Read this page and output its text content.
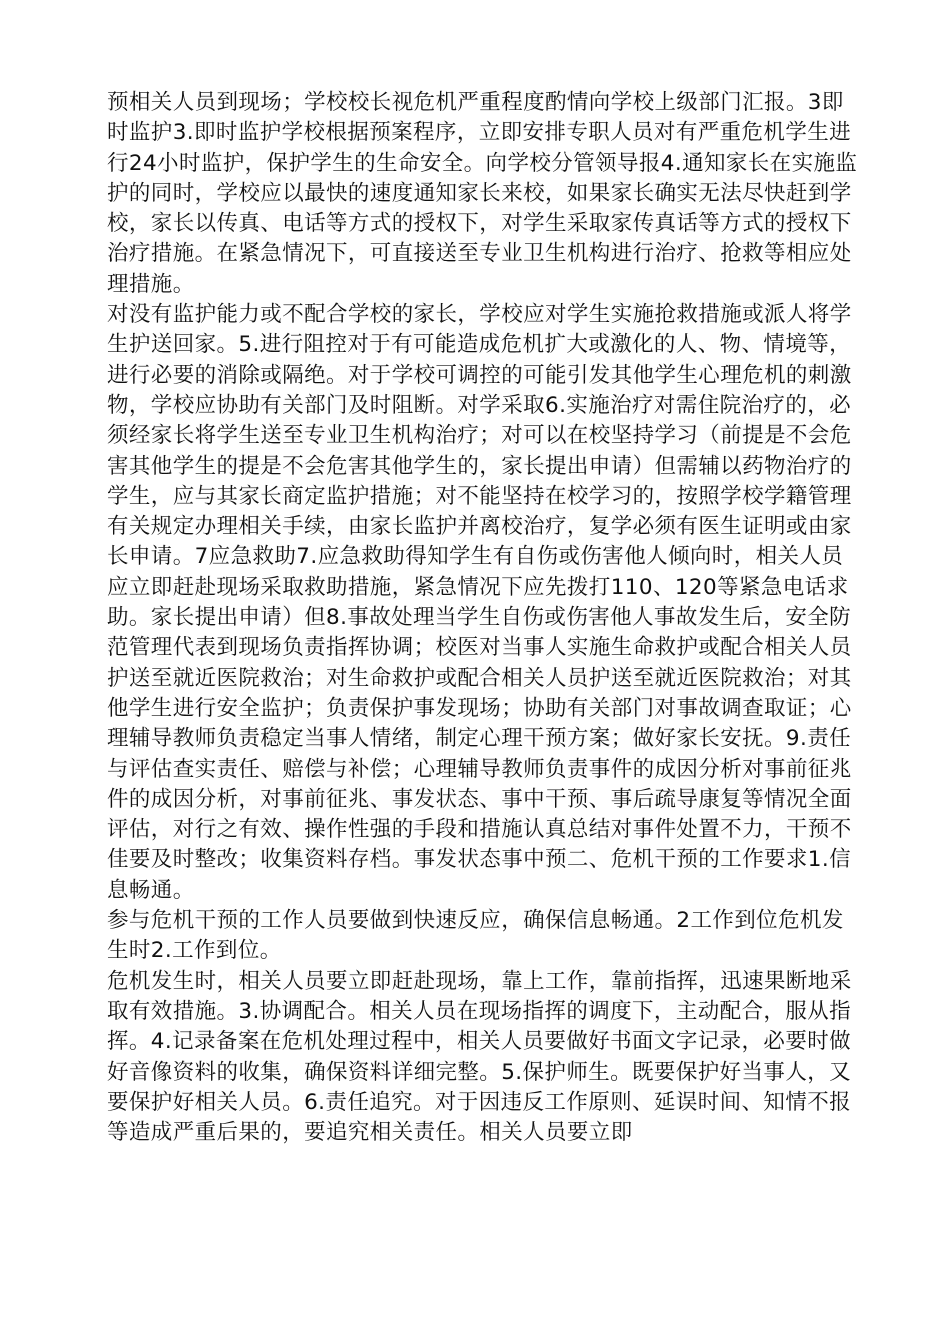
预相关人员到现场；学校校长视危机严重程度酌情向学校上级部门汇报。3即时监护3.即时监护学校根据预案程序，立即安排专职人员对有严重危机学生进行24小时监护，保护学生的生命安全。向学校分管领导报4.通知家长在实施监护的同时，学校应以最快的速度通知家长来校，如果家长确实无法尽快赶到学校，家长以传真、电话等方式的授权下，对学生采取家传真话等方式的授权下治疗措施。在紧急情况下，可直接送至专业卫生机构进行治疗、抢救等相应处理措施。

对没有监护能力或不配合学校的家长，学校应对学生实施抢救措施或派人将学生护送回家。5.进行阻控对于有可能造成危机扩大或激化的人、物、情境等，进行必要的消除或隔绝。对于学校可调控的可能引发其他学生心理危机的刺激物，学校应协助有关部门及时阻断。对学采取6.实施治疗对需住院治疗的，必须经家长将学生送至专业卫生机构治疗；对可以在校坚持学习（前提是不会危害其他学生的提是不会危害其他学生的，家长提出申请）但需辅以药物治疗的学生，应与其家长商定监护措施；对不能坚持在校学习的，按照学校学籍管理有关规定办理相关手续，由家长监护并离校治疗，复学必须有医生证明或由家长申请。7应急救助7.应急救助得知学生有自伤或伤害他人倾向时，相关人员应立即赶赴现场采取救助措施，紧急情况下应先拨打110、120等紧急电话求助。家长提出申请）但8.事故处理当学生自伤或伤害他人事故发生后，安全防范管理代表到现场负责指挥协调；校医对当事人实施生命救护或配合相关人员护送至就近医院救治；对生命救护或配合相关人员护送至就近医院救治；对其他学生进行安全监护；负责保护事发现场；协助有关部门对事故调查取证；心理辅导教师负责稳定当事人情绪，制定心理干预方案；做好家长安抚。9.责任与评估查实责任、赔偿与补偿；心理辅导教师负责事件的成因分析对事前征兆件的成因分析，对事前征兆、事发状态、事中干预、事后疏导康复等情况全面评估，对行之有效、操作性强的手段和措施认真总结对事件处置不力，干预不佳要及时整改；收集资料存档。事发状态事中预二、危机干预的工作要求1.信息畅通。

参与危机干预的工作人员要做到快速反应，确保信息畅通。2工作到位危机发生时2.工作到位。

危机发生时，相关人员要立即赶赴现场，靠上工作，靠前指挥，迅速果断地采取有效措施。3.协调配合。相关人员在现场指挥的调度下，主动配合，服从指挥。4.记录备案在危机处理过程中，相关人员要做好书面文字记录，必要时做好音像资料的收集，确保资料详细完整。5.保护师生。既要保护好当事人，又要保护好相关人员。6.责任追究。对于因违反工作原则、延误时间、知情不报等造成严重后果的，要追究相关责任。相关人员要立即
